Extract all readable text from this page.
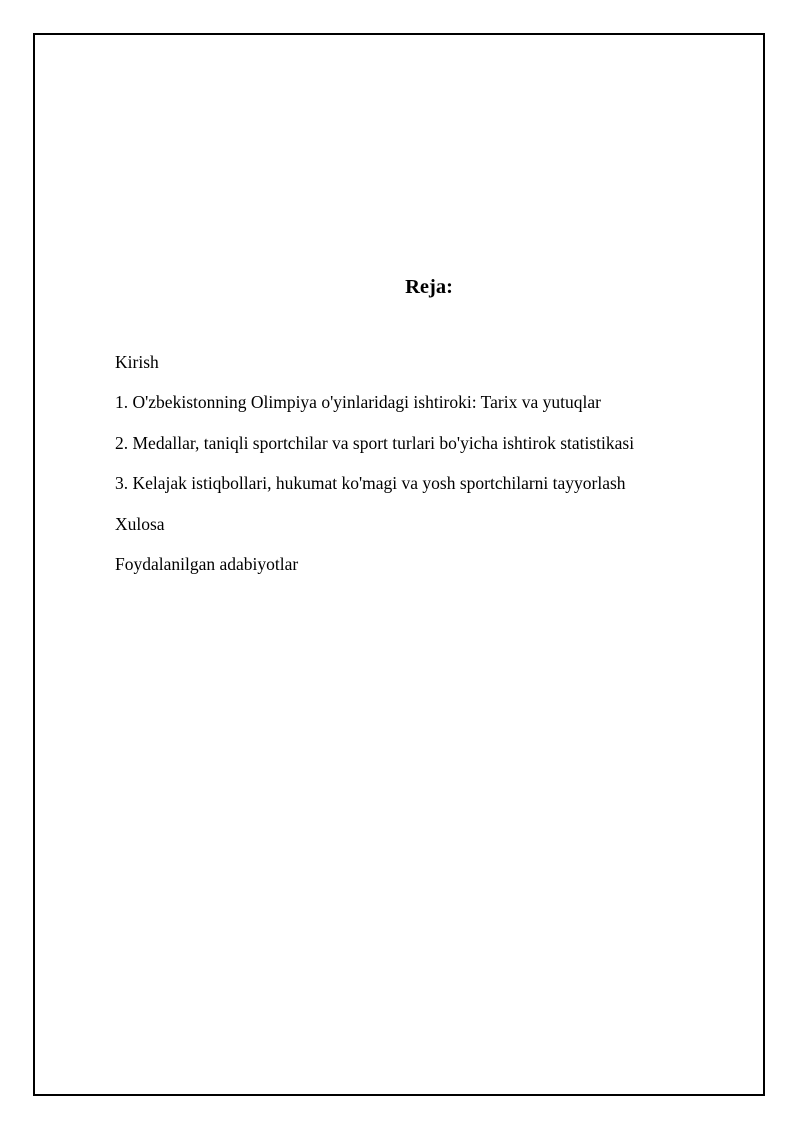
Reja:
Kirish
1. O'zbekistonning Olimpiya o'yinlaridagi ishtiroki: Tarix va yutuqlar
2. Medallar, taniqli sportchilar va sport turlari bo'yicha ishtirok statistikasi
3. Kelajak istiqbollari, hukumat ko'magi va yosh sportchilarni tayyorlash
Xulosa
Foydalanilgan adabiyotlar
